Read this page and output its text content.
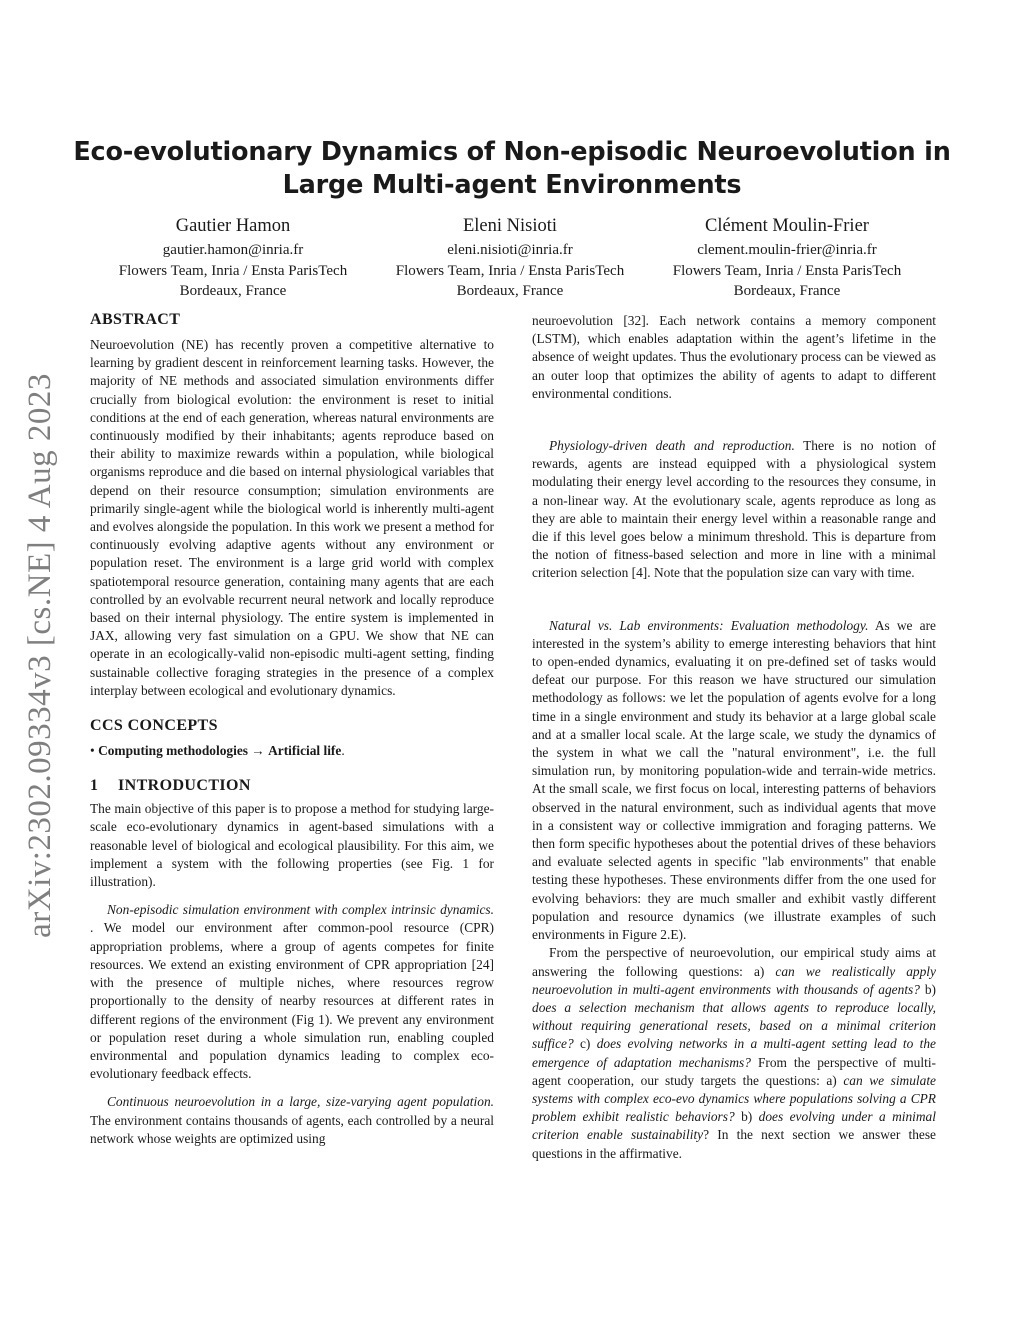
arXiv:2302.09334v3 [cs.NE] 4 Aug 2023
Eco-evolutionary Dynamics of Non-episodic Neuroevolution in
Large Multi-agent Environments
Gautier Hamon
gautier.hamon@inria.fr
Flowers Team, Inria / Ensta ParisTech
Bordeaux, France
Eleni Nisioti
eleni.nisioti@inria.fr
Flowers Team, Inria / Ensta ParisTech
Bordeaux, France
Clément Moulin-Frier
clement.moulin-frier@inria.fr
Flowers Team, Inria / Ensta ParisTech
Bordeaux, France
ABSTRACT

Neuroevolution (NE) has recently proven a competitive alternative to learning by gradient descent in reinforcement learning tasks. However, the majority of NE methods and associated simulation environments differ crucially from biological evolution: the environment is reset to initial conditions at the end of each generation, whereas natural environments are continuously modified by their inhabitants; agents reproduce based on their ability to maximize rewards within a population, while biological organisms reproduce and die based on internal physiological variables that depend on their resource consumption; simulation environments are primarily single-agent while the biological world is inherently multi-agent and evolves alongside the population. In this work we present a method for continuously evolving adaptive agents without any environment or population reset. The environment is a large grid world with complex spatiotemporal resource generation, containing many agents that are each controlled by an evolvable recurrent neural network and locally reproduce based on their internal physiology. The entire system is implemented in JAX, allowing very fast simulation on a GPU. We show that NE can operate in an ecologically-valid non-episodic multi-agent setting, finding sustainable collective foraging strategies in the presence of a complex interplay between ecological and evolutionary dynamics.

CCS CONCEPTS

• Computing methodologies → Artificial life.

1 INTRODUCTION

The main objective of this paper is to propose a method for studying large-scale eco-evolutionary dynamics in agent-based simulations with a reasonable level of biological and ecological plausibility. For this aim, we implement a system with the following properties (see Fig. 1 for illustration).

Non-episodic simulation environment with complex intrinsic dynamics. . We model our environment after common-pool resource (CPR) appropriation problems, where a group of agents competes for finite resources. We extend an existing environment of CPR appropriation [24] with the presence of multiple niches, where resources regrow proportionally to the density of nearby resources at different rates in different regions of the environment (Fig 1). We prevent any environment or population reset during a whole simulation run, enabling coupled environmental and population dynamics leading to complex eco-evolutionary feedback effects.

Continuous neuroevolution in a large, size-varying agent population. The environment contains thousands of agents, each controlled by a neural network whose weights are optimized using

neuroevolution [32]. Each network contains a memory component (LSTM), which enables adaptation within the agent’s lifetime in the absence of weight updates. Thus the evolutionary process can be viewed as an outer loop that optimizes the ability of agents to adapt to different environmental conditions.

Physiology-driven death and reproduction. There is no notion of rewards, agents are instead equipped with a physiological system modulating their energy level according to the resources they consume, in a non-linear way. At the evolutionary scale, agents reproduce as long as they are able to maintain their energy level within a reasonable range and die if this level goes below a minimum threshold. This is departure from the notion of fitness-based selection and more in line with a minimal criterion selection [4]. Note that the population size can vary with time.

Natural vs. Lab environments: Evaluation methodology. As we are interested in the system’s ability to emerge interesting behaviors that hint to open-ended dynamics, evaluating it on pre-defined set of tasks would defeat our purpose. For this reason we have structured our simulation methodology as follows: we let the population of agents evolve for a long time in a single environment and study its behavior at a large global scale and at a smaller local scale. At the large scale, we study the dynamics of the system in what we call the "natural environment", i.e. the full simulation run, by monitoring population-wide and terrain-wide metrics. At the small scale, we first focus on local, interesting patterns of behaviors observed in the natural environment, such as individual agents that move in a consistent way or collective immigration and foraging patterns. We then form specific hypotheses about the potential drives of these behaviors and evaluate selected agents in specific "lab environments" that enable testing these hypotheses. These environments differ from the one used for evolving behaviors: they are much smaller and exhibit vastly different population and resource dynamics (we illustrate examples of such environments in Figure 2.E).

From the perspective of neuroevolution, our empirical study aims at answering the following questions: a) can we realistically apply neuroevolution in multi-agent environments with thousands of agents? b) does a selection mechanism that allows agents to reproduce locally, without requiring generational resets, based on a minimal criterion suffice? c) does evolving networks in a multi-agent setting lead to the emergence of adaptation mechanisms? From the perspective of multi-agent cooperation, our study targets the questions: a) can we simulate systems with complex eco-evo dynamics where populations solving a CPR problem exhibit realistic behaviors? b) does evolving under a minimal criterion enable sustainability? In the next section we answer these questions in the affirmative.
